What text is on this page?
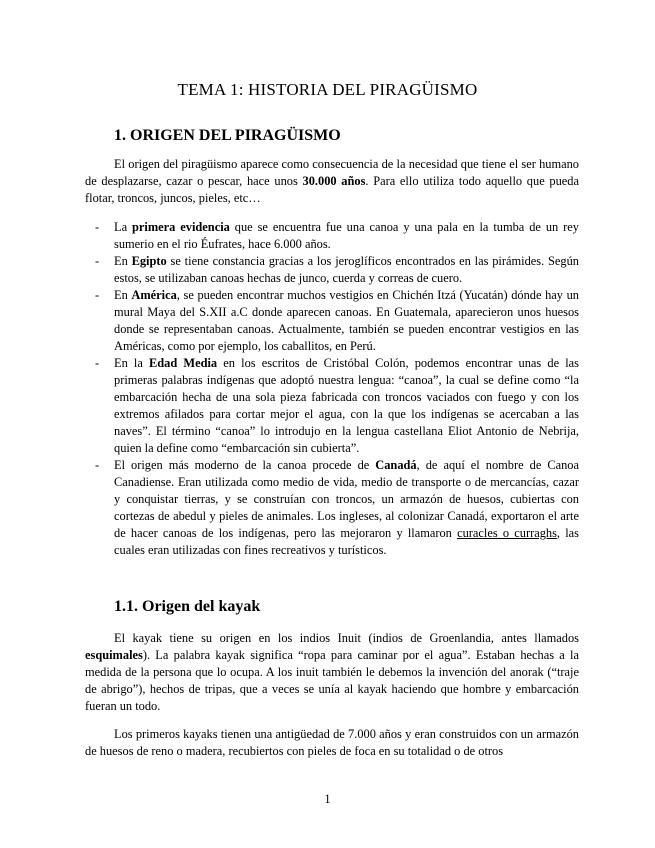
TEMA 1: HISTORIA DEL PIRAGÜISMO
1. ORIGEN DEL PIRAGÜISMO

El origen del piragüismo aparece como consecuencia de la necesidad que tiene el ser humano de desplazarse, cazar o pescar, hace unos 30.000 años. Para ello utiliza todo aquello que pueda flotar, troncos, juncos, pieles, etc…

- La primera evidencia que se encuentra fue una canoa y una pala en la tumba de un rey sumerio en el rio Éufrates, hace 6.000 años.
- En Egipto se tiene constancia gracias a los jeroglíficos encontrados en las pirámides. Según estos, se utilizaban canoas hechas de junco, cuerda y correas de cuero.
- En América, se pueden encontrar muchos vestigios en Chichén Itzá (Yucatán) dónde hay un mural Maya del S.XII a.C donde aparecen canoas. En Guatemala, aparecieron unos huesos donde se representaban canoas. Actualmente, también se pueden encontrar vestigios en las Américas, como por ejemplo, los caballitos, en Perú.
- En la Edad Media en los escritos de Cristóbal Colón, podemos encontrar unas de las primeras palabras indígenas que adoptó nuestra lengua: “canoa”, la cual se define como “la embarcación hecha de una sola pieza fabricada con troncos vaciados con fuego y con los extremos afilados para cortar mejor el agua, con la que los indígenas se acercaban a las naves”. El término “canoa” lo introdujo en la lengua castellana Eliot Antonio de Nebrija, quien la define como “embarcación sin cubierta”.
- El origen más moderno de la canoa procede de Canadá, de aquí el nombre de Canoa Canadiense. Eran utilizada como medio de vida, medio de transporte o de mercancías, cazar y conquistar tierras, y se construían con troncos, un armazón de huesos, cubiertas con cortezas de abedul y pieles de animales. Los ingleses, al colonizar Canadá, exportaron el arte de hacer canoas de los indígenas, pero las mejoraron y llamaron curacles o curraghs, las cuales eran utilizadas con fines recreativos y turísticos.
1.1. Origen del kayak

El kayak tiene su origen en los indios Inuit (indios de Groenlandia, antes llamados esquimales). La palabra kayak significa “ropa para caminar por el agua”. Estaban hechas a la medida de la persona que lo ocupa. A los inuit también le debemos la invención del anorak (“traje de abrigo”), hechos de tripas, que a veces se unía al kayak haciendo que hombre y embarcación fueran un todo.

Los primeros kayaks tienen una antigüedad de 7.000 años y eran construidos con un armazón de huesos de reno o madera, recubiertos con pieles de foca en su totalidad o de otros

1
